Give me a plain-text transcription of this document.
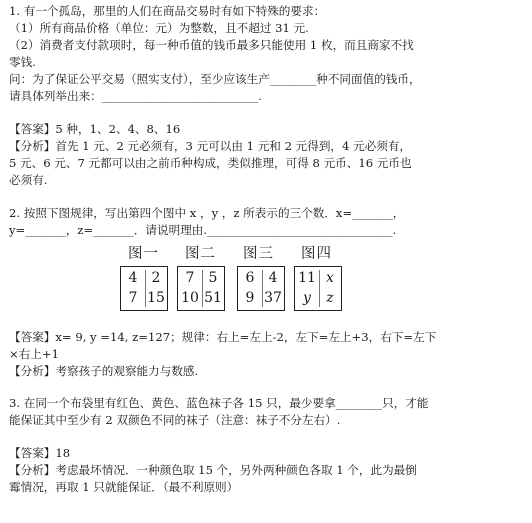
1. 有一个孤岛，那里的人们在商品交易时有如下特殊的要求：
（1）所有商品价格（单位：元）为整数，且不超过 31 元.
（2）消费者支付款项时，每一种币值的钱币最多只能使用 1 枚，而且商家不找
零钱.
问：为了保证公平交易（照实支付），至少应该生产________种不同面值的钱币，
请具体列举出来：___________________________.
【答案】5 种，1、2、4、8、16
【分析】首先 1 元、2 元必须有，3 元可以由 1 元和 2 元得到，4 元必须有，
5 元、6 元、7 元都可以由之前币种构成，类似推理，可得 8 元币、16 元币也
必须有.
2. 按照下图规律，写出第四个图中 x ，y ，z 所表示的三个数．x=_______，
y=_______，z=_______．请说明理由.________________________________.
图一
4	2
7 15
图二
7	5
10 51
图三
6	4
9 37
图四
11 x
y	z
【答案】x= 9, y =14, z=127；规律：右上=左上-2，左下=左上+3，右下=左下
×右上+1
【分析】考察孩子的观察能力与数感.
3. 在同一个布袋里有红色、黄色、蓝色袜子各 15 只，最少要拿________只，才能
能保证其中至少有 2 双颜色不同的袜子（注意：袜子不分左右）.
【答案】18
【分析】考虑最坏情况．一种颜色取 15 个，另外两种颜色各取 1 个，此为最倒
霉情况，再取 1 只就能保证．（最不利原则）
